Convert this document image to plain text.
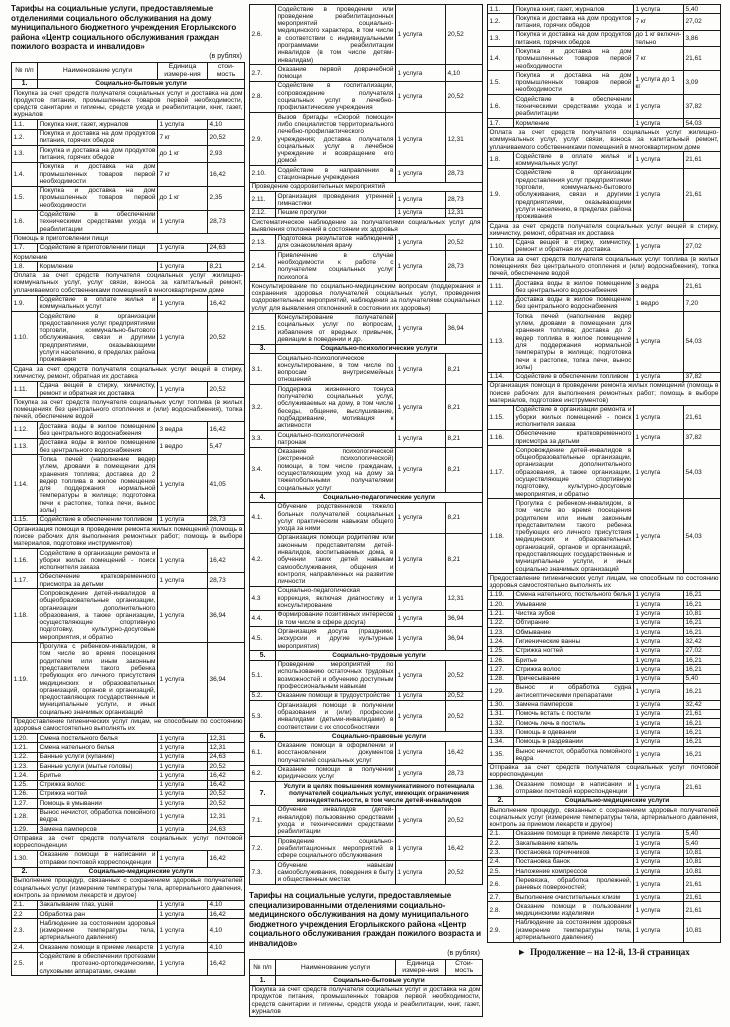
Тарифы на социальные услуги, предоставляемые отделениями социального обслуживания на дому муниципального бюджетного учреждения Егорлыкского района «Центр социального обслуживания граждан пожилого возраста и инвалидов»
(в рублях)
№ п/п	Наименование услуги	Единица измере-ния	стои-мость
1.	Социально-бытовые услуги		
Покупка за счет средств получателя социальных услуг и доставка на дом продуктов питания, промышленных товаров первой необходимости, средств санитарии и гигиены, средств ухода и реабилитации, книг, газет, журналов			
1.1.	Покупка книг, газет, журналов	1 услуга	4,10
1.2.	Покупка и доставка на дом продуктов питания, горячих обедов	7 кг	20,52
1.3.	Покупка и доставка на дом продуктов питания, горячих обедов	до 1 кг	2,93
1.4.	Покупка и доставка на дом промышленных товаров первой необходимости	7 кг	16,42
1.5.	Покупка и доставка на дом промышленных товаров первой необходимости	до 1 кг	2,35
1.6.	Содействие в обеспечении техническими средствами ухода и реабилитации	1 услуга	28,73
Помощь в приготовлении пищи			
1.7.	Содействие в приготовлении пищи	1 услуга	24,63
Кормление			
1.8.	Кормление	1 услуга	8,21
Оплата за счет средств получателя социальных услуг жилищно-коммунальных услуг, услуг связи, взноса за капитальный ремонт, уплачиваемого собственниками помещений в многоквартирном доме			
1.9.	Содействие в оплате жилья и коммунальных услуг	1 услуга	16,42
1.10.	Содействие в организации предоставления услуг предприятиями торговли, коммунально-бытового обслуживания, связи и другими предприятиями, оказывающими услуги населению, в пределах района проживания	1 услуга	20,52
Сдача за счет средств получателя социальных услуг вещей в стирку, химчистку, ремонт, обратная их доставка			
1.11.	Сдача вещей в стирку, химчистку, ремонт и обратная их доставка	1 услуга	20,52
Покупка за счет средств получателя социальных услуг топлива (в жилых помещениях без центрального отопления и (или) водоснабжения), топка печей, обеспечение водой			
1.12.	Доставка воды в жилое помещение без центрального водоснабжения	3 ведра	16,42
1.13.	Доставка воды в жилое помещение без центрального водоснабжения	1 ведро	5,47
1.14.	Топка печей (наполнение ведер углем, дровами в помещении для хранения топлива; доставка до 2 ведер топлива в жилое помещение для поддержания нормальной температуры в жилище; подготовка печи к растопке, топка печи, вынос золы)	1 услуга	41,05
1.15.	Содействие в обеспечении топливом	1 услуга	28,73
Организация помощи в проведении ремонта жилых помещений (помощь в поиске рабочих для выполнения ремонтных работ; помощь в выборе материалов, подготовке инструментов)			
1.16.	Содействие в организации ремонта и уборки жилых помещений - поиск исполнителя заказа	1 услуга	16,42
1.17.	Обеспечение кратковременного присмотра за детьми	1 услуга	28,73
1.18.	Сопровождение детей-инвалидов в общеобразовательные организации, организации дополнительного образования, а также организации, осуществляющие спортивную подготовку, культурно-досуговые мероприятия, и обратно	1 услуга	36,94
1.19.	Прогулка с ребенком-инвалидом, в том числе во время посещения родителем или иным законным представителем такого ребенка требующих его личного присутствия медицинских и образовательных организаций, органов и организаций, предоставляющих государственные и муниципальные услуги, и иных социально значимых организаций	1 услуга	36,94
Предоставление гигиенических услуг лицам, не способным по состоянию здоровья самостоятельно выполнять их			
1.20.	Смена постельного белья	1 услуга	12,31
1.21.	Смена нательного белья	1 услуга	12,31
1.22.	Банные услуги (купание)	1 услуга	24,63
1.23.	Банные услуги (мытье головы)	1 услуга	20,52
1.24.	Бритье	1 услуга	16,42
1.25.	Стрижка волос	1 услуга	16,42
1.26.	Стрижка ногтей	1 услуга	20,52
1.27.	Помощь в умывании	1 услуга	20,52
1.28.	Вынос нечистот, обработка помойного ведра	1 услуга	12,31
1.29.	Замена памперсов	1 услуга	24,63
Отправка за счет средств получателя социальных услуг почтовой корреспонденции			
1.30.	Оказание помощи в написании и отправки почтовой корреспонденции	1 услуга	16,42
2.	Социально-медицинские услуги		
Выполнение процедур, связанных с сохранением здоровья получателей социальных услуг (измерение температуры тела, артериального давления, контроль за приемом лекарств и другое)			
2.1.	Закапывание глаз, ушей	1 услуга	4,10
2.2	Обработка ран	1 услуга	16,42
2.3.	Наблюдение за состоянием здоровья (измерение температуры тела, артериального давления)	1 услуга	4,10
2.4.	Оказание помощи в приеме лекарств	1 услуга	4,10
2.5.	Содействие в обеспечении протезами и протезно-ортопедическими, слуховыми аппаратами, очками	1 услуга	16,42
2.6.	Содействие в проведении или проведение реабилитационных мероприятий социально-медицинского характера, в том числе в соответствии с индивидуальными программами реабилитации инвалидов (в том числе детям-инвалидам)	1 услуга	20,52
2.7.	Оказание первой доврачебной помощи	1 услуга	4,10
2.8.	Содействие в госпитализации, сопровождение получателя социальных услуг в лечебно-профилактические учреждения	1 услуга	20,52
2.9.	Вызов бригады «Скорой помощи» либо специалистов территориального лечебно-профилактического учреждения; доставка получателя социальных услуг в лечебное учреждение и возвращение его домой	1 услуга	12,31
2.10.	Содействие в направлении в стационарные учреждения	1 услуга	28,73
Проведение оздоровительных мероприятий			
2.11.	Организация проведения утренней гимнастики	1 услуга	28,73
2.12.	Пешие прогулки	1 услуга	12,31
Систематическое наблюдение за получателями социальных услуг для выявления отклонений в состоянии их здоровья			
2.13.	Подготовка результатов наблюдений для ознакомления врачу	1 услуга	20,52
2.14.	Привлечение в случае необходимости к работе с получателем социальных услуг психолога	1 услуга	28,73
Консультирование по социально-медицинским вопросам (поддержания и сохранения здоровья получателей социальных услуг, проведения оздоровительных мероприятий, наблюдения за получателями социальных услуг для выявления отклонений в состоянии их здоровья)			
2.15.	Консультирование получателей социальных услуг по вопросам, избавления от вредных привычек, девиации в поведении и др.	1 услуга	36,94
3.	Социально-психологические услуги		
3.1.	Социально-психологическое консультирование, в том числе по вопросам внутрисемейных отношений	1 услуга	8,21
3.2.	Поддержка жизненного тонуса получателю социальных услуг, обслуживаемых на дому, в том числе беседы, общение, выслушивание, подбадривание, мотивация к активности	1 услуга	8,21
3.3.	Социально-психологический патронаж	1 услуга	8,21
3.4.	Оказание психологической (экстренной психологической) помощи, в том числе гражданам, осуществляющим уход на дому за тяжелобольными получателями социальных услуг	1 услуга	8,21
4.	Социально-педагогические услуги		
4.1.	Обучение родственников тяжело больных получателей социальных услуг практическим навыкам общего ухода за ними	1 услуга	8,21
4.2.	Организация помощи родителям или законным представителям детей-инвалидов, воспитываемых дома, в обучении таких детей навыкам самообслуживания, общения и контроля, направленных на развитие личности	1 услуга	8,21
4.3	Социально-педагогическая коррекция, включая диагностику и консультирование	1 услуга	12,31
4.4.	Формирование позитивных интересов (в том числе в сфере досуга)	1 услуга	36,94
4.5.	Организация досуга (праздники, экскурсии и другие культурные мероприятия)	1 услуга	36,94
5.	Социально-трудовые услуги		
5.1.	Проведение мероприятий по использованию остаточных трудовых возможностей и обучению доступным профессиональным навыкам	1 услуга	20,52
5.2.	Оказание помощи в трудоустройстве	1 услуга	20,52
5.3.	Организация помощи в получении образования и (или) профессии инвалидами (детьми-инвалидами) в соответствии с их способностями	1 услуга	20,52
6.	Социально-правовые услуги		
6.1.	Оказание помощи в оформлении и восстановлении документов получателей социальных услуг	1 услуга	16,42
6.2.	Оказание помощи в получении юридических услуг	1 услуга	28,73
7.	Услуги в целях повышения коммуникативного потенциала получателей социальных услуг, имеющих ограничения жизнедеятельности, в том числе детей-инвалидов		
7.1.	Обучение инвалидов (детей-инвалидов) пользованию средствами ухода и техническими средствами реабилитации	1 услуга	20,52
7.2.	Проведение социально-реабилитационных мероприятий в сфере социального обслуживания	1 услуга	16,42
7.3.	Обучение навыкам самообслуживания, поведения в быту и общественных местах	1 услуга	20,52
Тарифы на социальные услуги, предоставляемые специализированными отделениями социально-медицинского обслуживания на дому муниципального бюджетного учреждения Егорлыкского района «Центр социального обслуживания граждан пожилого возраста и инвалидов»
(в рублях)
№ п/п	Наименование услуги	Единица измере-ния	Стои-мость
1.	Социально-бытовые услуги		
Покупка за счет средств получателя социальных услуг и доставка на дом продуктов питания, промышленных товаров первой необходимости, средств санитарии и гигиены, средств ухода и реабилитации, книг, газет, журналов			
1.1.	Покупка книг, газет, журналов	1 услуга	5,40
1.2.	Покупка и доставка на дом продуктов питания, горячих обедов	7 кг	27,02
1.3.	Покупка и доставка на дом продуктов питания, горячих обедов	до 1 кг включи-тельно	3,86
1.4.	Покупка и доставка на дом промышленных товаров первой необходимости	7 кг	21,61
1.5.	Покупка и доставка на дом промышленных товаров первой необходимости	1 услуга до 1 кг	3,09
1.6.	Содействие в обеспечении техническими средствами ухода и реабилитации	1 услуга	37,82
1.7.	Кормление	1 услуга	54,03
Оплата за счет средств получателя социальных услуг жилищно-коммунальных услуг, услуг связи, взноса за капитальный ремонт, уплачиваемого собственниками помещений в многоквартирном доме			
1.8.	Содействие в оплате жилья и коммунальных услуг	1 услуга	21,61
1.9.	Содействие в организации предоставления услуг предприятиями торговли, коммунально-бытового обслуживания, связи и другими предприятиями, оказывающими услуги населению, в пределах района проживания	1 услуга	21,61
Сдача за счет средств получателя социальных услуг вещей в стирку, химчистку, ремонт, обратная их доставка			
1.10.	Сдача вещей в стирку, химчистку, ремонт и обратная их доставка	1 услуга	27,02
Покупка за счет средств получателя социальных услуг топлива (в жилых помещениях без центрального отопления и (или) водоснабжения), топка печей, обеспечение водой			
1.11.	Доставка воды в жилое помещение без центрального водоснабжения	3 ведра	21,61
1.12.	Доставка воды в жилое помещение без центрального водоснабжения	1 ведро	7,20
1.13.	Топка печей (наполнение ведер углем, дровами в помещении для хранения топлива; доставка до 2 ведер топлива в жилое помещение для поддержания нормальной температуры в жилище; подготовка печи к растопке, топка печи, вынос золы)	1 услуга	54,03
1.14.	Содействие в обеспечении топливом	1 услуга	37,82
Организация помощи в проведении ремонта жилых помещений (помощь в поиске рабочих для выполнения ремонтных работ; помощь в выборе материалов, подготовке инструментов)			
1.15.	Содействие в организации ремонта и уборки жилых помещений - поиск исполнителя заказа	1 услуга	21,61
1.16.	Обеспечение кратковременного присмотра за детьми	1 услуга	37,82
1.17.	Сопровождение детей-инвалидов в общеобразовательные организации, организации дополнительного образования, а также организации, осуществляющие спортивную подготовку, культурно-досуговые мероприятия, и обратно	1 услуга	54,03
1.18.	Прогулка с ребенком-инвалидом, в том числе во время посещения родителем или иным законным представителем такого ребенка требующих его личного присутствия медицинских и образовательных организаций, органов и организаций, предоставляющих государственные и муниципальные услуги, и иных социально значимых организаций	1 услуга	54,03
Предоставление гигиенических услуг лицам, не способным по состоянию здоровья самостоятельно выполнять их			
1.19.	Смена нательного, постельного белья	1 услуга	16,21
1.20.	Умывание	1 услуга	16,21
1.21.	Чистка зубов	1 услуга	10,81
1.22.	Обтирание	1 услуга	16,21
1.23.	Обмывание	1 услуга	16,21
1.24.	Гигиенические ванны	1 услуга	32,42
1.25.	Стрижка ногтей	1 услуга	27,02
1.26.	Бритье	1 услуга	16,21
1.27.	Стрижка волос	1 услуга	16,21
1.28.	Причесывание	1 услуга	5,40
1.29.	Вынос и обработка судна антисептическими препаратами	1 услуга	16,21
1.30.	Замена памперсов	1 услуга	32,42
1.31.	Помочь встать с постели	1 услуга	21,61
1.32.	Помочь лечь в постель	1 услуга	16,21
1.33.	Помощь в одевании	1 услуга	16,21
1.34.	Помощь в раздевании	1 услуга	16,21
1.35.	Вынос нечистот, обработка помойного ведра	1 услуга	16,21
Отправка за счет средств получателя социальных услуг почтовой корреспонденции			
1.36.	Оказание помощи в написании и отправки почтовой корреспонденции	1 услуга	21,61
2.	Социально-медицинские услуги		
Выполнение процедур, связанных с сохранением здоровья получателей социальных услуг (измерение температуры тела, артериального давления, контроль за приемом лекарств и другое)			
2.1.	Оказание помощи в приеме лекарств	1 услуга	5,40
2.2.	Закапывание капель	1 услуга	5,40
2.3.	Постановка горчичников	1 услуга	10,81
2.4.	Постановка банок	1 услуга	10,81
2.5.	Наложение компрессов	1 услуга	10,81
2.6.	Перевязка, обработка пролежней, раневых поверхностей;	1 услуга	21,61
2.7.	Выполнение очистительных клизм	1 услуга	21,61
2.8.	Оказание помощи в пользовании медицинскими изделиями	1 услуга	21,61
2.9.	Наблюдение за состоянием здоровья (измерение температуры тела, артериального давления)	1 услуга	10,81
► Продолжение – на 12-й, 13-й страницах
